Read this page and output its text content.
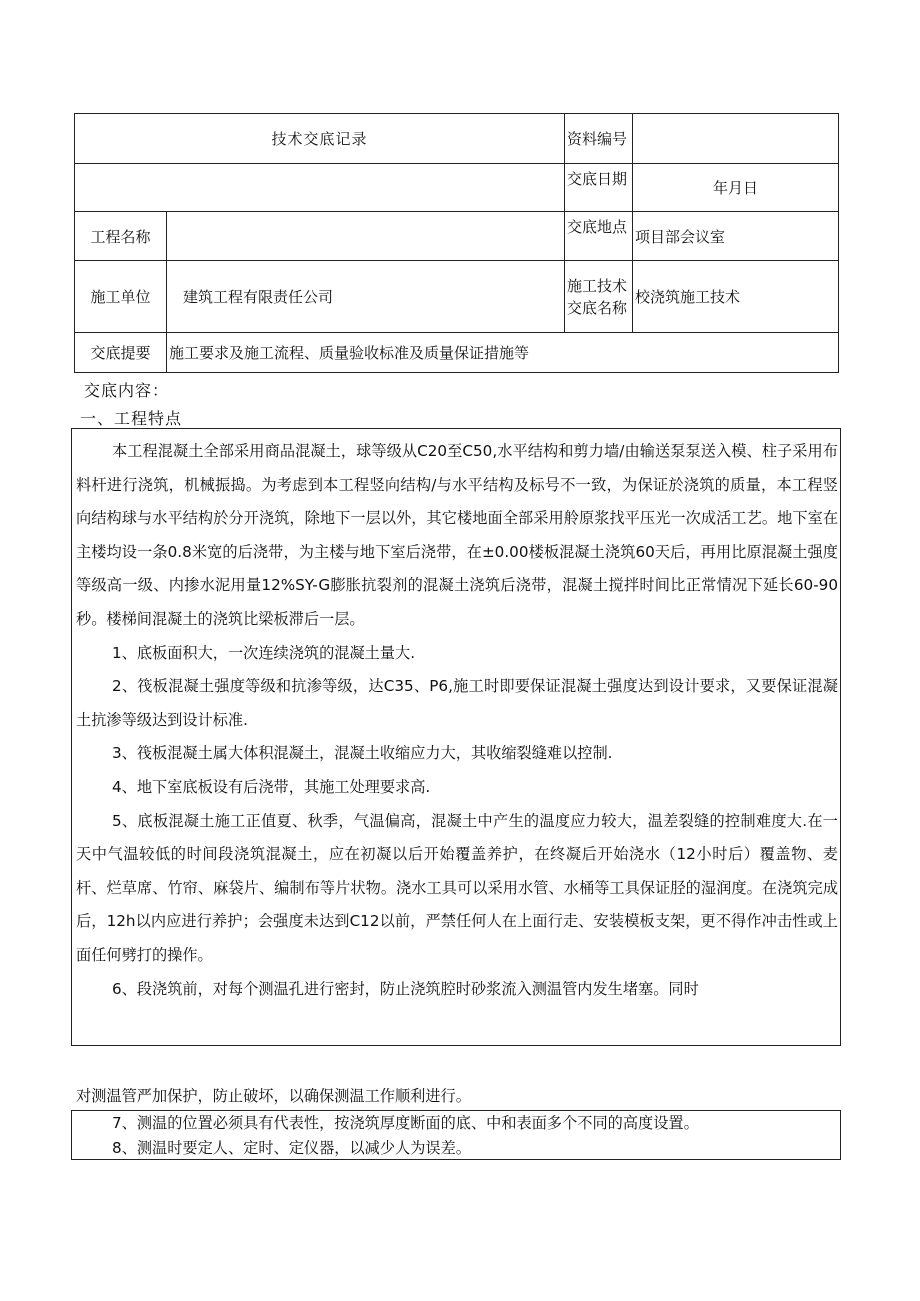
技术交底记录		资料编号	
		交底日期	年月日
工程名称		交底地点	项目部会议室
施工单位	建筑工程有限责任公司	施工技术交底名称	校浇筑施工技术
交底提要	施工要求及施工流程、质量验收标准及质量保证措施等		
交底内容：
一、工程特点

本工程混凝土全部采用商品混凝土，球等级从C20至C50,水平结构和剪力墙/由输送泵泵送入模、柱子采用布料杆进行浇筑，机械振捣。为考虑到本工程竖向结构/与水平结构及标号不一致，为保证於浇筑的质量，本工程竖向结构球与水平结构於分开浇筑，除地下一层以外，其它楼地面全部采用舲原浆找平压光一次成活工艺。地下室在主楼均设一条0.8米宽的后浇带，为主楼与地下室后浇带，在±0.00楼板混凝土浇筑60天后，再用比原混凝土强度等级高一级、内掺水泥用量12%SY-G膨胀抗裂剂的混凝土浇筑后浇带，混凝土搅拌时间比正常情况下延长60-90秒。楼梯间混凝土的浇筑比梁板滞后一层。

1、底板面积大，一次连续浇筑的混凝土量大.

2、筏板混凝土强度等级和抗渗等级，达C35、P6,施工时即要保证混凝土强度达到设计要求，又要保证混凝土抗渗等级达到设计标准.

3、筏板混凝土属大体积混凝土，混凝土收缩应力大，其收缩裂缝难以控制.

4、地下室底板设有后浇带，其施工处理要求高.

5、底板混凝土施工正值夏、秋季，气温偏高，混凝土中产生的温度应力较大，温差裂缝的控制难度大.在一天中气温较低的时间段浇筑混凝土，应在初凝以后开始覆盖养护，在终凝后开始浇水（12小时后）覆盖物、麦杆、烂草席、竹帘、麻袋片、编制布等片状物。浇水工具可以采用水管、水桶等工具保证胫的湿润度。在浇筑完成后，12h以内应进行养护；会强度未达到C12以前，严禁任何人在上面行走、安装模板支架，更不得作冲击性或上面任何劈打的操作。

6、段浇筑前，对每个测温孔进行密封，防止浇筑腔时砂浆流入测温管内发生堵塞。同时

对测温管严加保护，防止破坏，以确保测温工作顺利进行。

7、测温的位置必须具有代表性，按浇筑厚度断面的底、中和表面多个不同的高度设置。

8、测温时要定人、定时、定仪器，以减少人为误差。
